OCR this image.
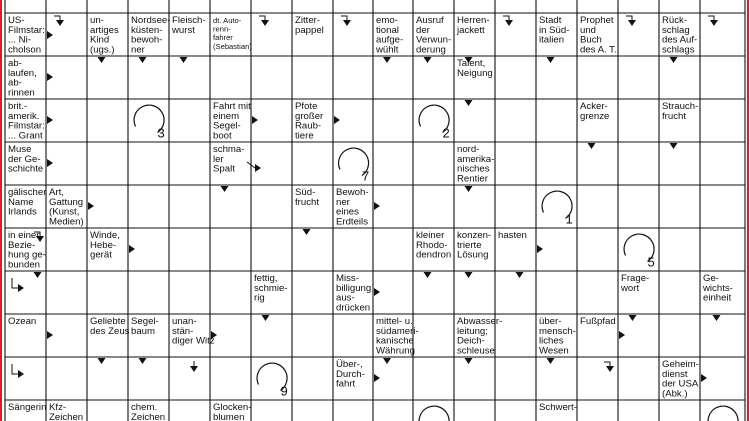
US-Filmstar: ... Ni-cholson
un-artiges Kind (ugs.)
Nordsee-küsten-bewoh-ner
Fleisch-wurst
dt. Auto-renn-fahrer (Sebastian)
Zitter-pappel
emo-tional aufge-wühlt
Ausruf der Verwun-derung
Herren-jackett
Stadt in Süd-italien
Prophet und Buch des A. T.
Rück-schlag des Auf-schlags
ab-laufen, ab-rinnen
Talent, Neigung
brit.-amerik. Filmstar: ... Grant
Fahrt mit einem Segel-boot
Pfote großer Raub-tiere
Acker-grenze
Strauch-frucht
Muse der Ge-schichte
schma-ler Spalt
nord-amerika-nisches Rentier
gälischer Name Irlands
Art, Gattung (Kunst, Medien)
Süd-frucht
Bewoh-ner eines Erdteils
in einer Bezie-hung ge-bunden
Winde, Hebe-gerät
kleiner Rhodo-dendron
konzen-trierte Lösung
hasten
fettig, schmie-rig
Miss-billigung aus-drücken
Frage-wort
Ge-wichts-einheit
Ozean	Geliebte des Zeus
Segel-baum
unan-stän-diger Witz
mittel- u. südameri-kanische Währung
Abwasser-leitung; Deich-schleuse
über-mensch-liches Wesen
Fußpfad
Über-, Durch-fahrt
Geheim-dienst der USA (Abk.)
Sängerin Kfz-Zeichen
chem. Zeichen
Glocken-blumen
Schwert-
3	2
7
1
5
9
